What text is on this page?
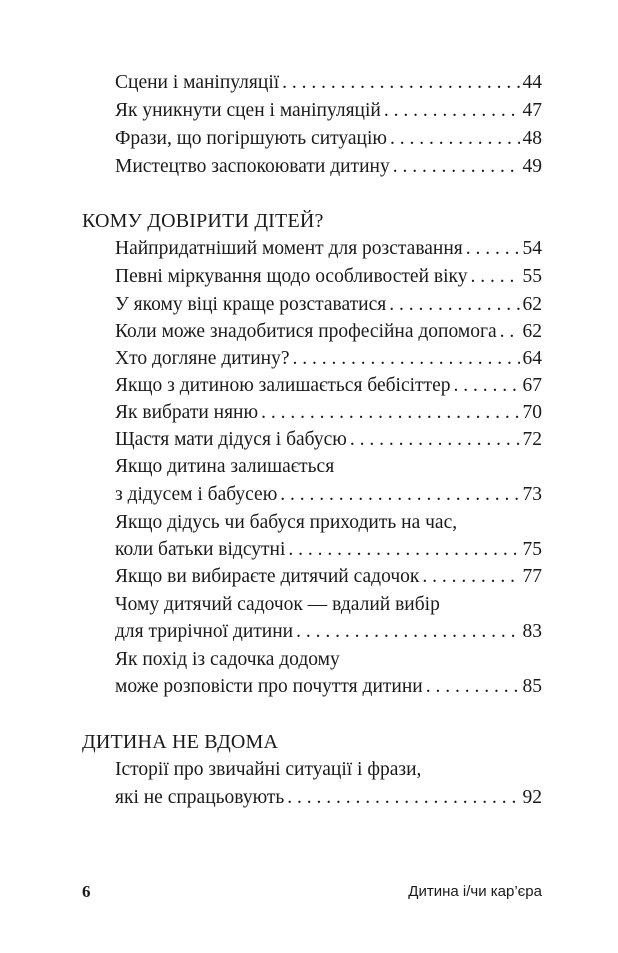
Сцени і маніпуляції . . .	44
Як уникнути сцен і маніпуляцій . . .	47
Фрази, що погіршують ситуацію . . .	48
Мистецтво заспокоювати дитину . . .	49
КОМУ ДОВІРИТИ ДІТЕЙ?
Найпридатніший момент для розставання . . .	54
Певні міркування щодо особливостей віку . . .	55
У якому віці краще розставатися . . .	62
Коли може знадобитися професійна допомога . . . 62
Хто догляне дитину? . . .	64
Якщо з дитиною залишається бебісіттер . . .	67
Як вибрати няню . . .	70
Щастя мати дідуся і бабусю . . .	72
Якщо дитина залишається
з дідусем і бабусею . . .	73
Якщо дідусь чи бабуся приходить на час,
коли батьки відсутні . . .	75
Якщо ви вибираєте дитячий садочок . . .	77
Чому дитячий садочок — вдалий вибір
для трирічної дитини . . .	83
Як похід із садочка додому
може розповісти про почуття дитини . . .	85
ДИТИНА НЕ ВДОМА
Історії про звичайні ситуації і фрази,
які не спрацьовують . . .	92
6	Дитина і/чи кар’єра
